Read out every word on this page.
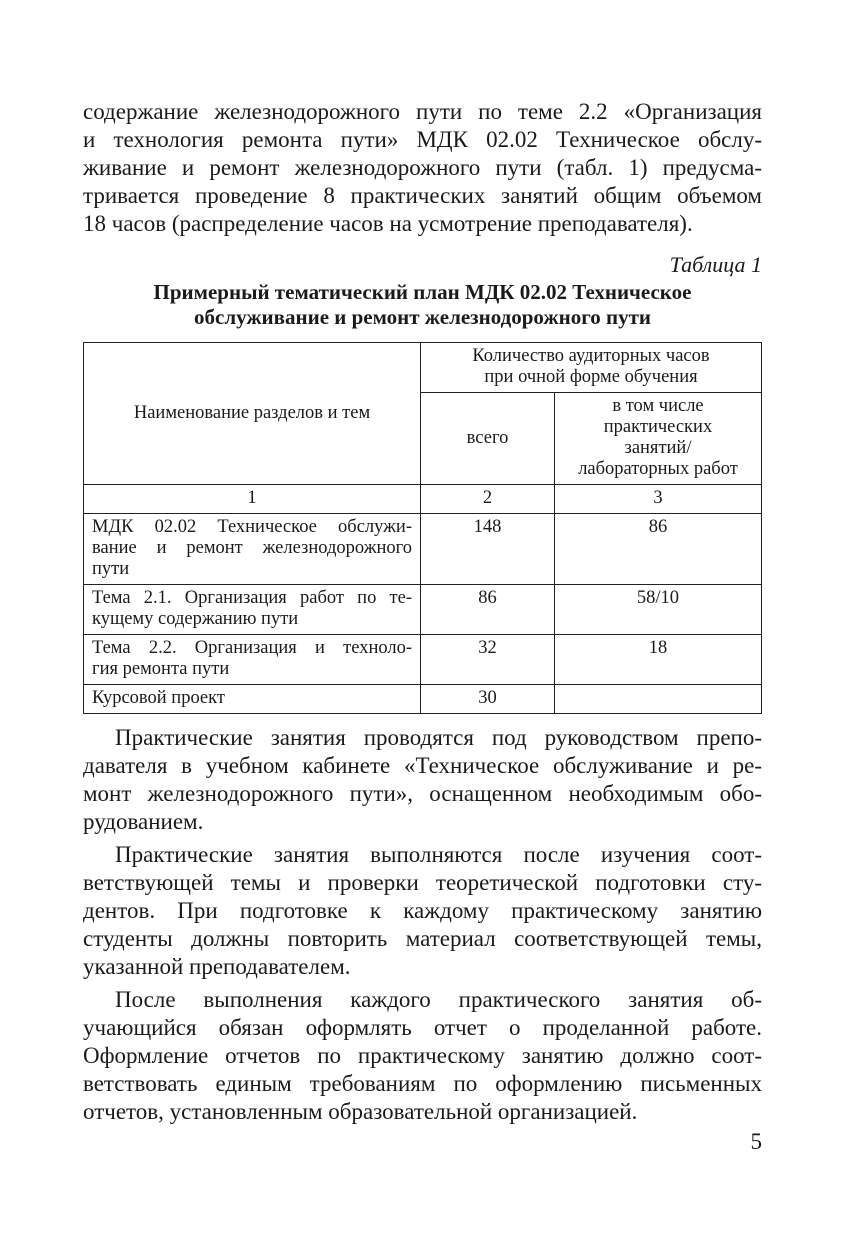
содержание железнодорожного пути по теме 2.2 «Организация
и технология ремонта пути» МДК 02.02 Техническое обслу-
живание и ремонт железнодорожного пути (табл. 1) предусма-
тривается проведение 8 практических занятий общим объемом
18 часов (распределение часов на усмотрение преподавателя).

Таблица 1

Примерный тематический план МДК 02.02 Техническое
обслуживание и ремонт железнодорожного пути

Наименование разделов и тем	Количество аудиторных часов
при очной форме обучения	

	всего	в том числе
практических
занятий/
лабораторных работ

1	2	3

МДК 02.02 Техническое обслужи-
вание и ремонт железнодорожного
пути	148	86

Тема 2.1. Организация работ по те-
кущему содержанию пути	86	58/10

Тема 2.2. Организация и техноло-
гия ремонта пути	32	18
Курсовой проект	30	

Практические занятия проводятся под руководством препо-
давателя в учебном кабинете «Техническое обслуживание и ре-
монт железнодорожного пути», оснащенном необходимым обо-
рудованием.

Практические занятия выполняются после изучения соот-
ветствующей темы и проверки теоретической подготовки сту-
дентов. При подготовке к каждому практическому занятию
студенты должны повторить материал соответствующей темы,
указанной преподавателем.

После выполнения каждого практического занятия об-
учающийся обязан оформлять отчет о проделанной работе.
Оформление отчетов по практическому занятию должно соот-
ветствовать единым требованиям по оформлению письменных
отчетов, установленным образовательной организацией.

5
